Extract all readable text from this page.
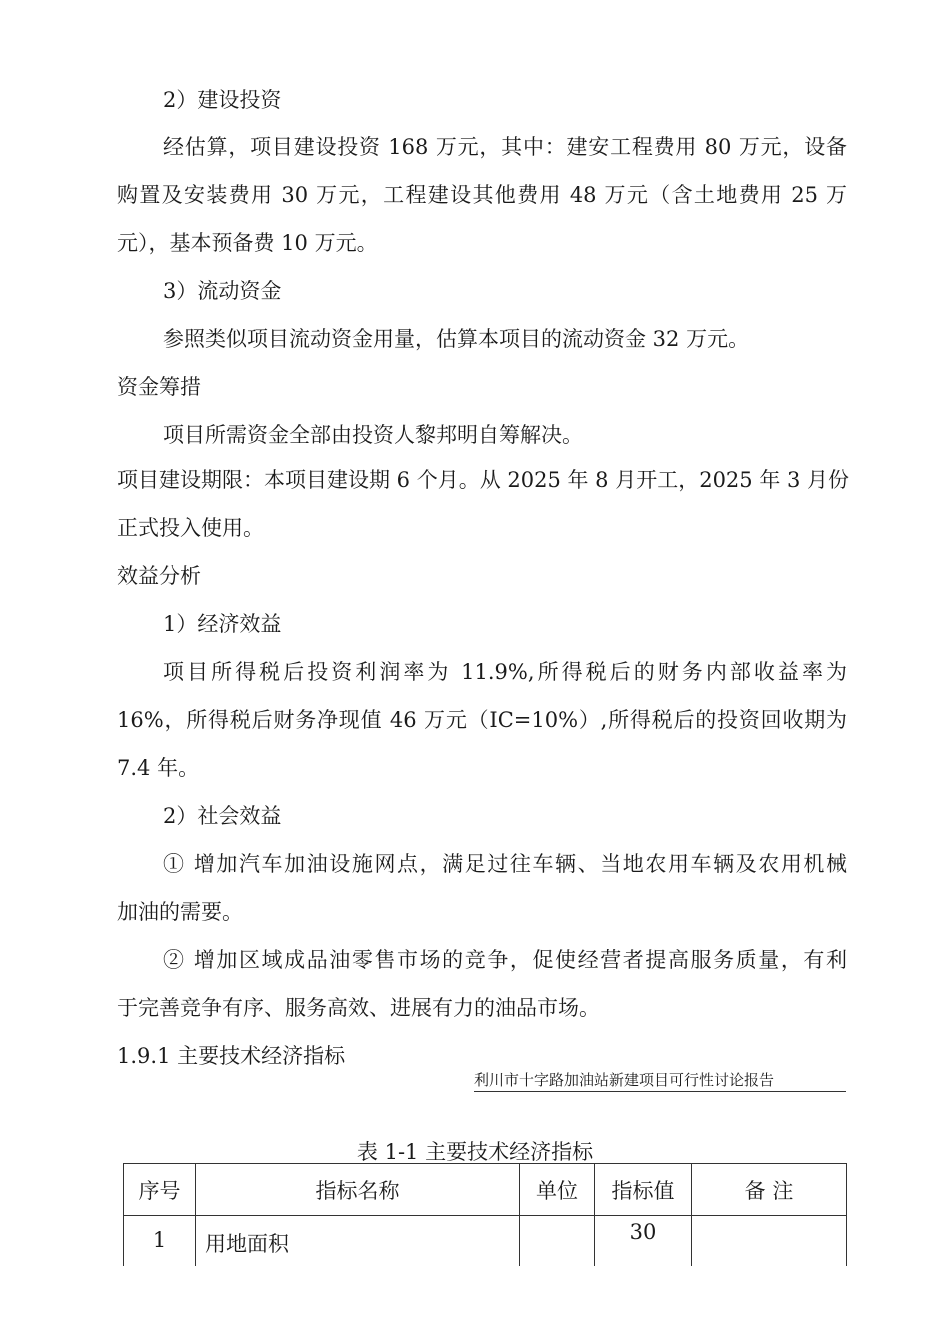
2）建设投资
经估算，项目建设投资 168 万元，其中：建安工程费用 80 万元，设备
购置及安装费用 30 万元，工程建设其他费用 48 万元（含土地费用 25 万
元），基本预备费 10 万元。
3）流动资金
参照类似项目流动资金用量，估算本项目的流动资金 32 万元。
资金筹措
项目所需资金全部由投资人黎邦明自筹解决。
项目建设期限：本项目建设期 6 个月。从 2025 年 8 月开工，2025 年 3 月份
正式投入使用。
效益分析
1）经济效益
项目所得税后投资利润率为 11.9%,所得税后的财务内部收益率为
16%，所得税后财务净现值 46 万元（IC=10%）,所得税后的投资回收期为
7.4 年。
2）社会效益
① 增加汽车加油设施网点，满足过往车辆、当地农用车辆及农用机械
加油的需要。
② 增加区域成品油零售市场的竞争，促使经营者提高服务质量，有利
于完善竞争有序、服务高效、进展有力的油品市场。
1.9.1 主要技术经济指标
利川市十字路加油站新建项目可行性讨论报告
表 1-1 主要技术经济指标
序号	指标名称	单位	指标值	备 注
1	用地面积		30	
